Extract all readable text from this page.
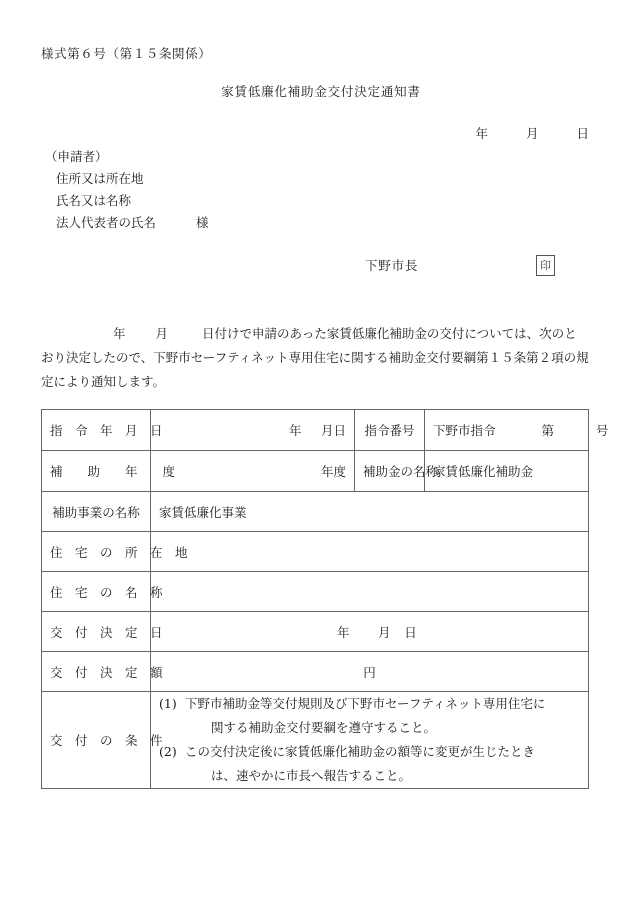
様式第６号（第１５条関係）
家賃低廉化補助金交付決定通知書
年	月	日
（申請者）
住所又は所在地
氏名又は名称
法人代表者の氏名	様
下野市長	印
年 月	日付けで申請のあった家賃低廉化補助金の交付については、次のとおり決定したので、下野市セーフティネット専用住宅に関する補助金交付要綱第１５条第２項の規定により通知します。
指　令　年　月　日	年 月日	指令番号	下野市指令 第 号
補　　助　　年　　度	年度	補助金の名称	家賃低廉化補助金
補助事業の名称	家賃低廉化事業		
住　宅　の　所　在　地			
住　宅　の　名　称			
交　付　決　定　日	年 月 日		
交　付　決　定　額	円		
交　付　の　条　件	(1) 下野市補助金等交付規則及び下野市セーフティネット専用住宅に
関する補助金交付要綱を遵守すること。
(2) この交付決定後に家賃低廉化補助金の額等に変更が生じたとき
は、速やかに市長へ報告すること。		
